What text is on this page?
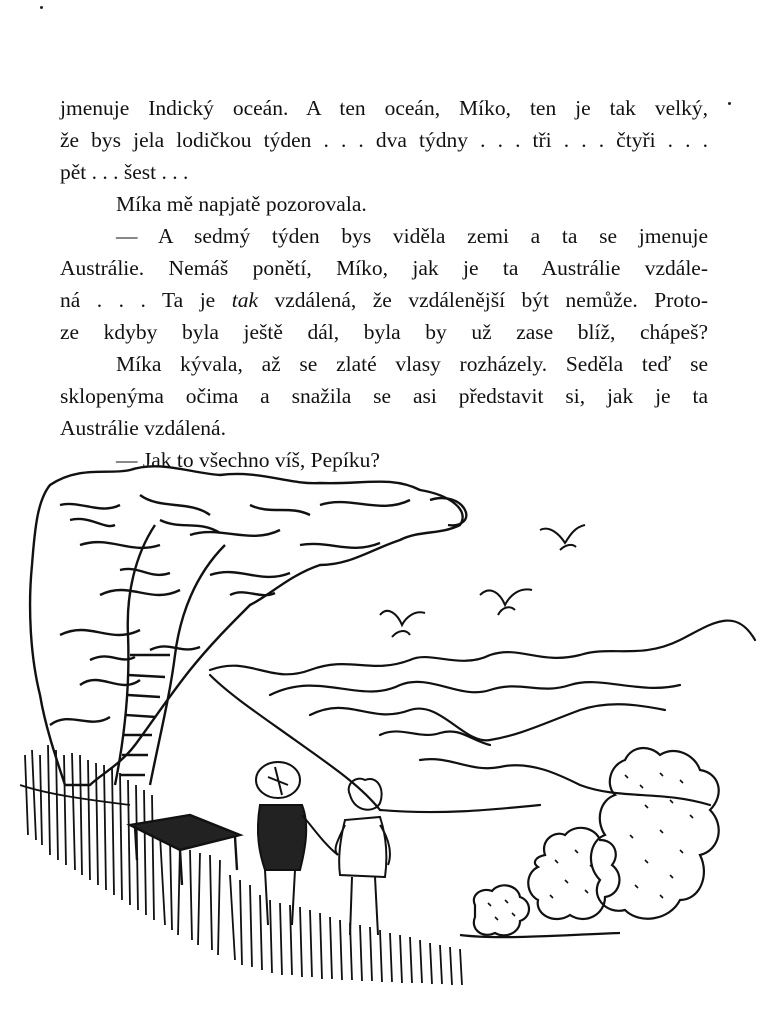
jmenuje Indický oceán. A ten oceán, Míko, ten je tak velký,
že bys jela lodičkou týden . . . dva týdny . . . tři . . . čtyři . . .
pět . . . šest . . .
Míka mě napjatě pozorovala.
— A sedmý týden bys viděla zemi a ta se jmenuje
Austrálie. Nemáš ponětí, Míko, jak je ta Austrálie vzdále-
ná . . . Ta je tak vzdálená, že vzdálenější být nemůže. Proto-
ze kdyby byla ještě dál, byla by už zase blíž, chápeš?
Míka kývala, až se zlaté vlasy rozházely. Seděla teď se
sklopenýma očima a snažila se asi představit si, jak je ta
Austrálie vzdálená.
— Jak to všechno víš, Pepíku?
